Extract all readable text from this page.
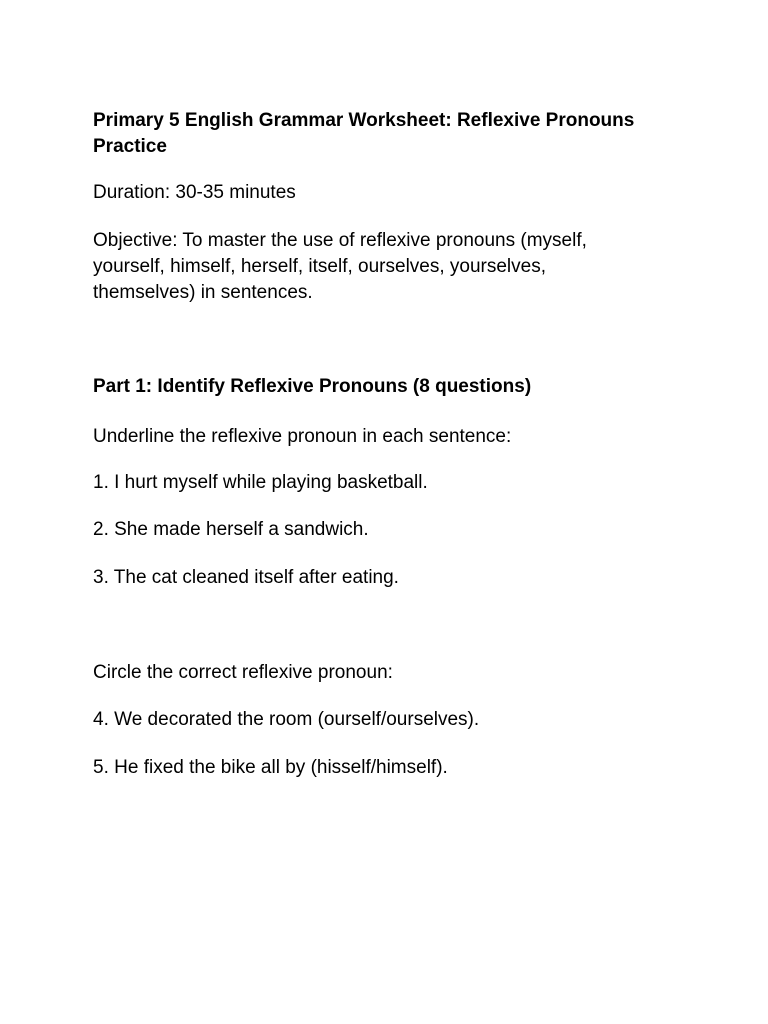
Primary 5 English Grammar Worksheet: Reflexive Pronouns Practice

Duration: 30-35 minutes

Objective: To master the use of reflexive pronouns (myself, yourself, himself, herself, itself, ourselves, yourselves, themselves) in sentences.

Part 1: Identify Reflexive Pronouns (8 questions)

Underline the reflexive pronoun in each sentence:

1. I hurt myself while playing basketball.

2. She made herself a sandwich.

3. The cat cleaned itself after eating.

Circle the correct reflexive pronoun:

4. We decorated the room (ourself/ourselves).

5. He fixed the bike all by (hisself/himself).
